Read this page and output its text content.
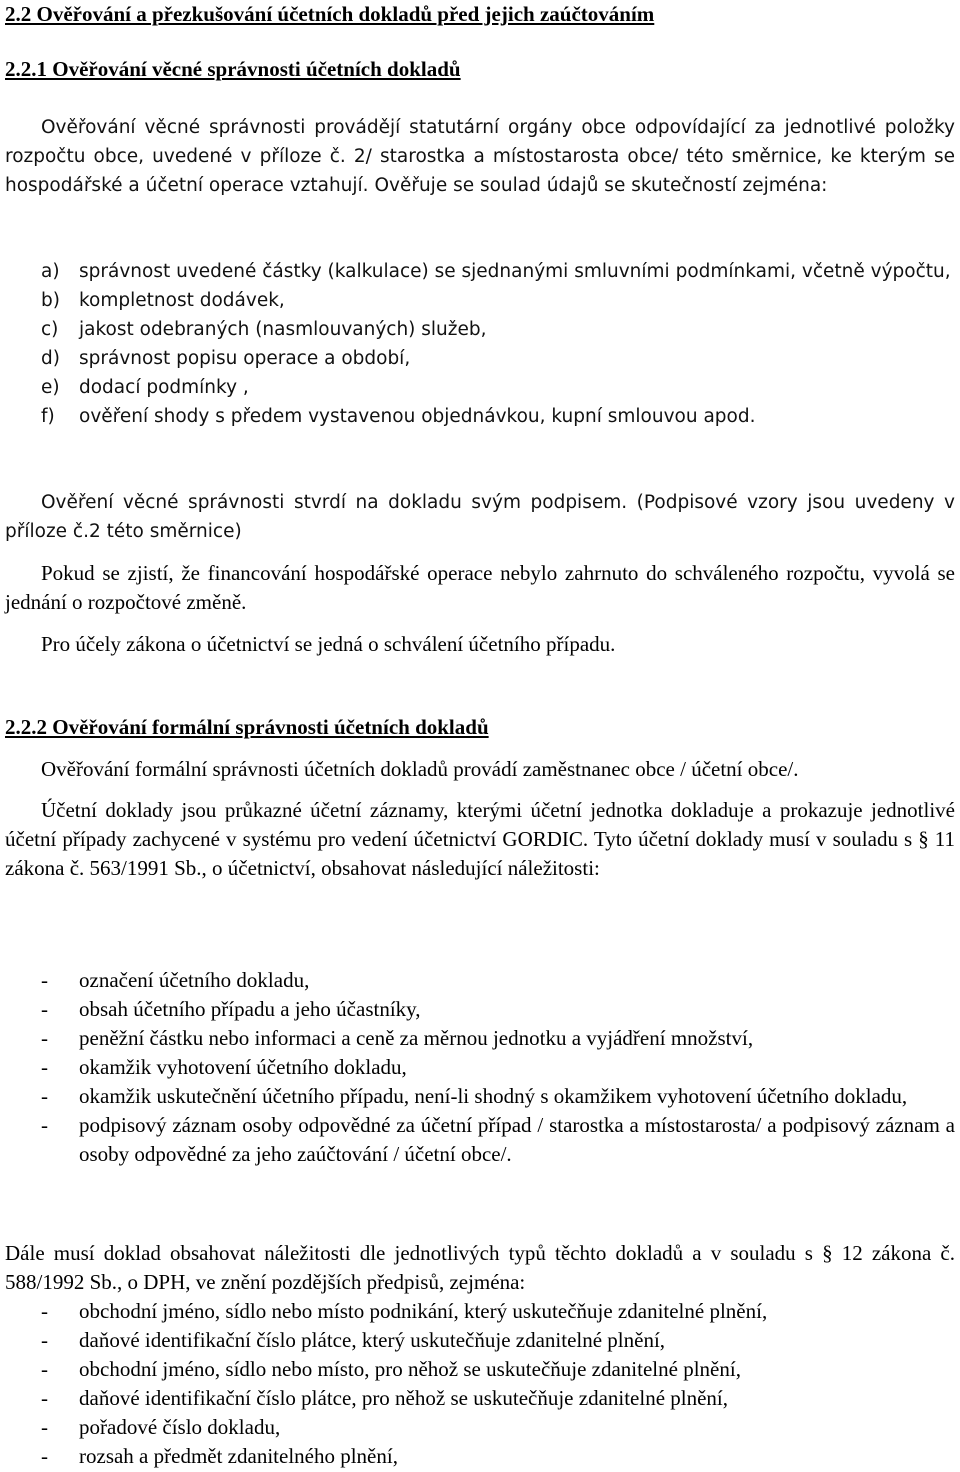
2.2 Ověřování a přezkušování účetních dokladů před jejich zaúčtováním
2.2.1 Ověřování věcné správnosti účetních dokladů
Ověřování věcné správnosti provádějí statutární orgány obce odpovídající za jednotlivé položky rozpočtu obce, uvedené v příloze č. 2/ starostka a místostarosta obce/ této směrnice, ke kterým se hospodářské a účetní operace vztahují. Ověřuje se soulad údajů se skutečností zejména:
a) správnost uvedené částky (kalkulace) se sjednanými smluvními podmínkami, včetně výpočtu,
b) kompletnost dodávek,
c) jakost odebraných (nasmlouvaných) služeb,
d) správnost popisu operace a období,
e) dodací podmínky ,
f) ověření shody s předem vystavenou objednávkou, kupní smlouvou apod.
Ověření věcné správnosti stvrdí na dokladu svým podpisem. (Podpisové vzory jsou uvedeny v příloze č.2 této směrnice)
Pokud se zjistí, že financování hospodářské operace nebylo zahrnuto do schváleného rozpočtu, vyvolá se jednání o rozpočtové změně.
Pro účely zákona o účetnictví se jedná o schválení účetního případu.
2.2.2 Ověřování formální správnosti účetních dokladů
Ověřování formální správnosti účetních dokladů provádí zaměstnanec obce / účetní obce/.
Účetní doklady jsou průkazné účetní záznamy, kterými účetní jednotka dokladuje a prokazuje jednotlivé účetní případy zachycené v systému pro vedení účetnictví GORDIC. Tyto účetní doklady musí v souladu s § 11 zákona č. 563/1991 Sb., o účetnictví, obsahovat následující náležitosti:
- označení účetního dokladu,
- obsah účetního případu a jeho účastníky,
- peněžní částku nebo informaci a ceně za měrnou jednotku a vyjádření množství,
- okamžik vyhotovení účetního dokladu,
- okamžik uskutečnění účetního případu, není-li shodný s okamžikem vyhotovení účetního dokladu,
- podpisový záznam osoby odpovědné za účetní případ / starostka a místostarosta/ a podpisový záznam a osoby odpovědné za jeho zaúčtování / účetní obce/.
Dále musí doklad obsahovat náležitosti dle jednotlivých typů těchto dokladů a v souladu s § 12 zákona č. 588/1992 Sb., o DPH, ve znění pozdějších předpisů, zejména:
- obchodní jméno, sídlo nebo místo podnikání, který uskutečňuje zdanitelné plnění,
- daňové identifikační číslo plátce, který uskutečňuje zdanitelné plnění,
- obchodní jméno, sídlo nebo místo, pro něhož se uskutečňuje zdanitelné plnění,
- daňové identifikační číslo plátce, pro něhož se uskutečňuje zdanitelné plnění,
- pořadové číslo dokladu,
- rozsah a předmět zdanitelného plnění,
